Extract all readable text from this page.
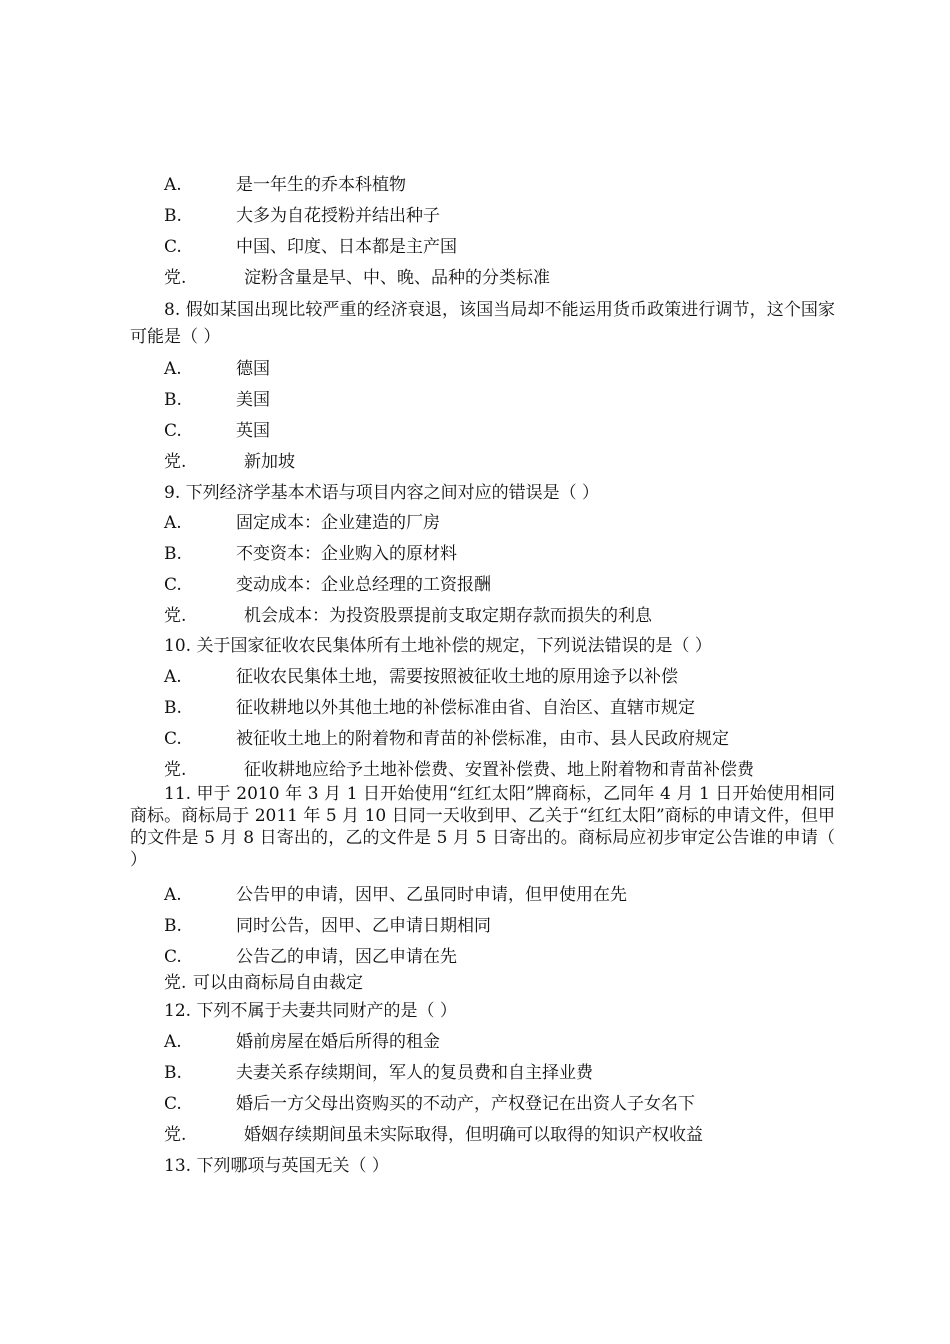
A.	是一年生的乔本科植物
B.	大多为自花授粉并结出种子
C.	中国、印度、日本都是主产国
党.	淀粉含量是早、中、晚、品种的分类标准
8. 假如某国出现比较严重的经济衰退，该国当局却不能运用货币政策进行调节，这个国家可能是（ ）
A.	德国
B.	美国
C.	英国
党.	新加坡
9. 下列经济学基本术语与项目内容之间对应的错误是（ ）
A.	固定成本：企业建造的厂房
B.	不变资本：企业购入的原材料
C.	变动成本：企业总经理的工资报酬
党.	机会成本：为投资股票提前支取定期存款而损失的利息
10. 关于国家征收农民集体所有土地补偿的规定，下列说法错误的是（ ）
A.	征收农民集体土地，需要按照被征收土地的原用途予以补偿
B.	征收耕地以外其他土地的补偿标准由省、自治区、直辖市规定
C.	被征收土地上的附着物和青苗的补偿标准，由市、县人民政府规定
党.	征收耕地应给予土地补偿费、安置补偿费、地上附着物和青苗补偿费
11. 甲于 2010 年 3 月 1 日开始使用“红红太阳”牌商标，乙同年 4 月 1 日开始使用相同商标。商标局于 2011 年 5 月 10 日同一天收到甲、乙关于“红红太阳”商标的申请文件，但甲的文件是 5 月 8 日寄出的，乙的文件是 5 月 5 日寄出的。商标局应初步审定公告谁的申请（ ）
A.	公告甲的申请，因甲、乙虽同时申请，但甲使用在先
B.	同时公告，因甲、乙申请日期相同
C.	公告乙的申请，因乙申请在先
党. 可以由商标局自由裁定
12. 下列不属于夫妻共同财产的是（ ）
A.	婚前房屋在婚后所得的租金
B.	夫妻关系存续期间，军人的复员费和自主择业费
C.	婚后一方父母出资购买的不动产，产权登记在出资人子女名下
党.	婚姻存续期间虽未实际取得，但明确可以取得的知识产权收益
13. 下列哪项与英国无关（ ）
